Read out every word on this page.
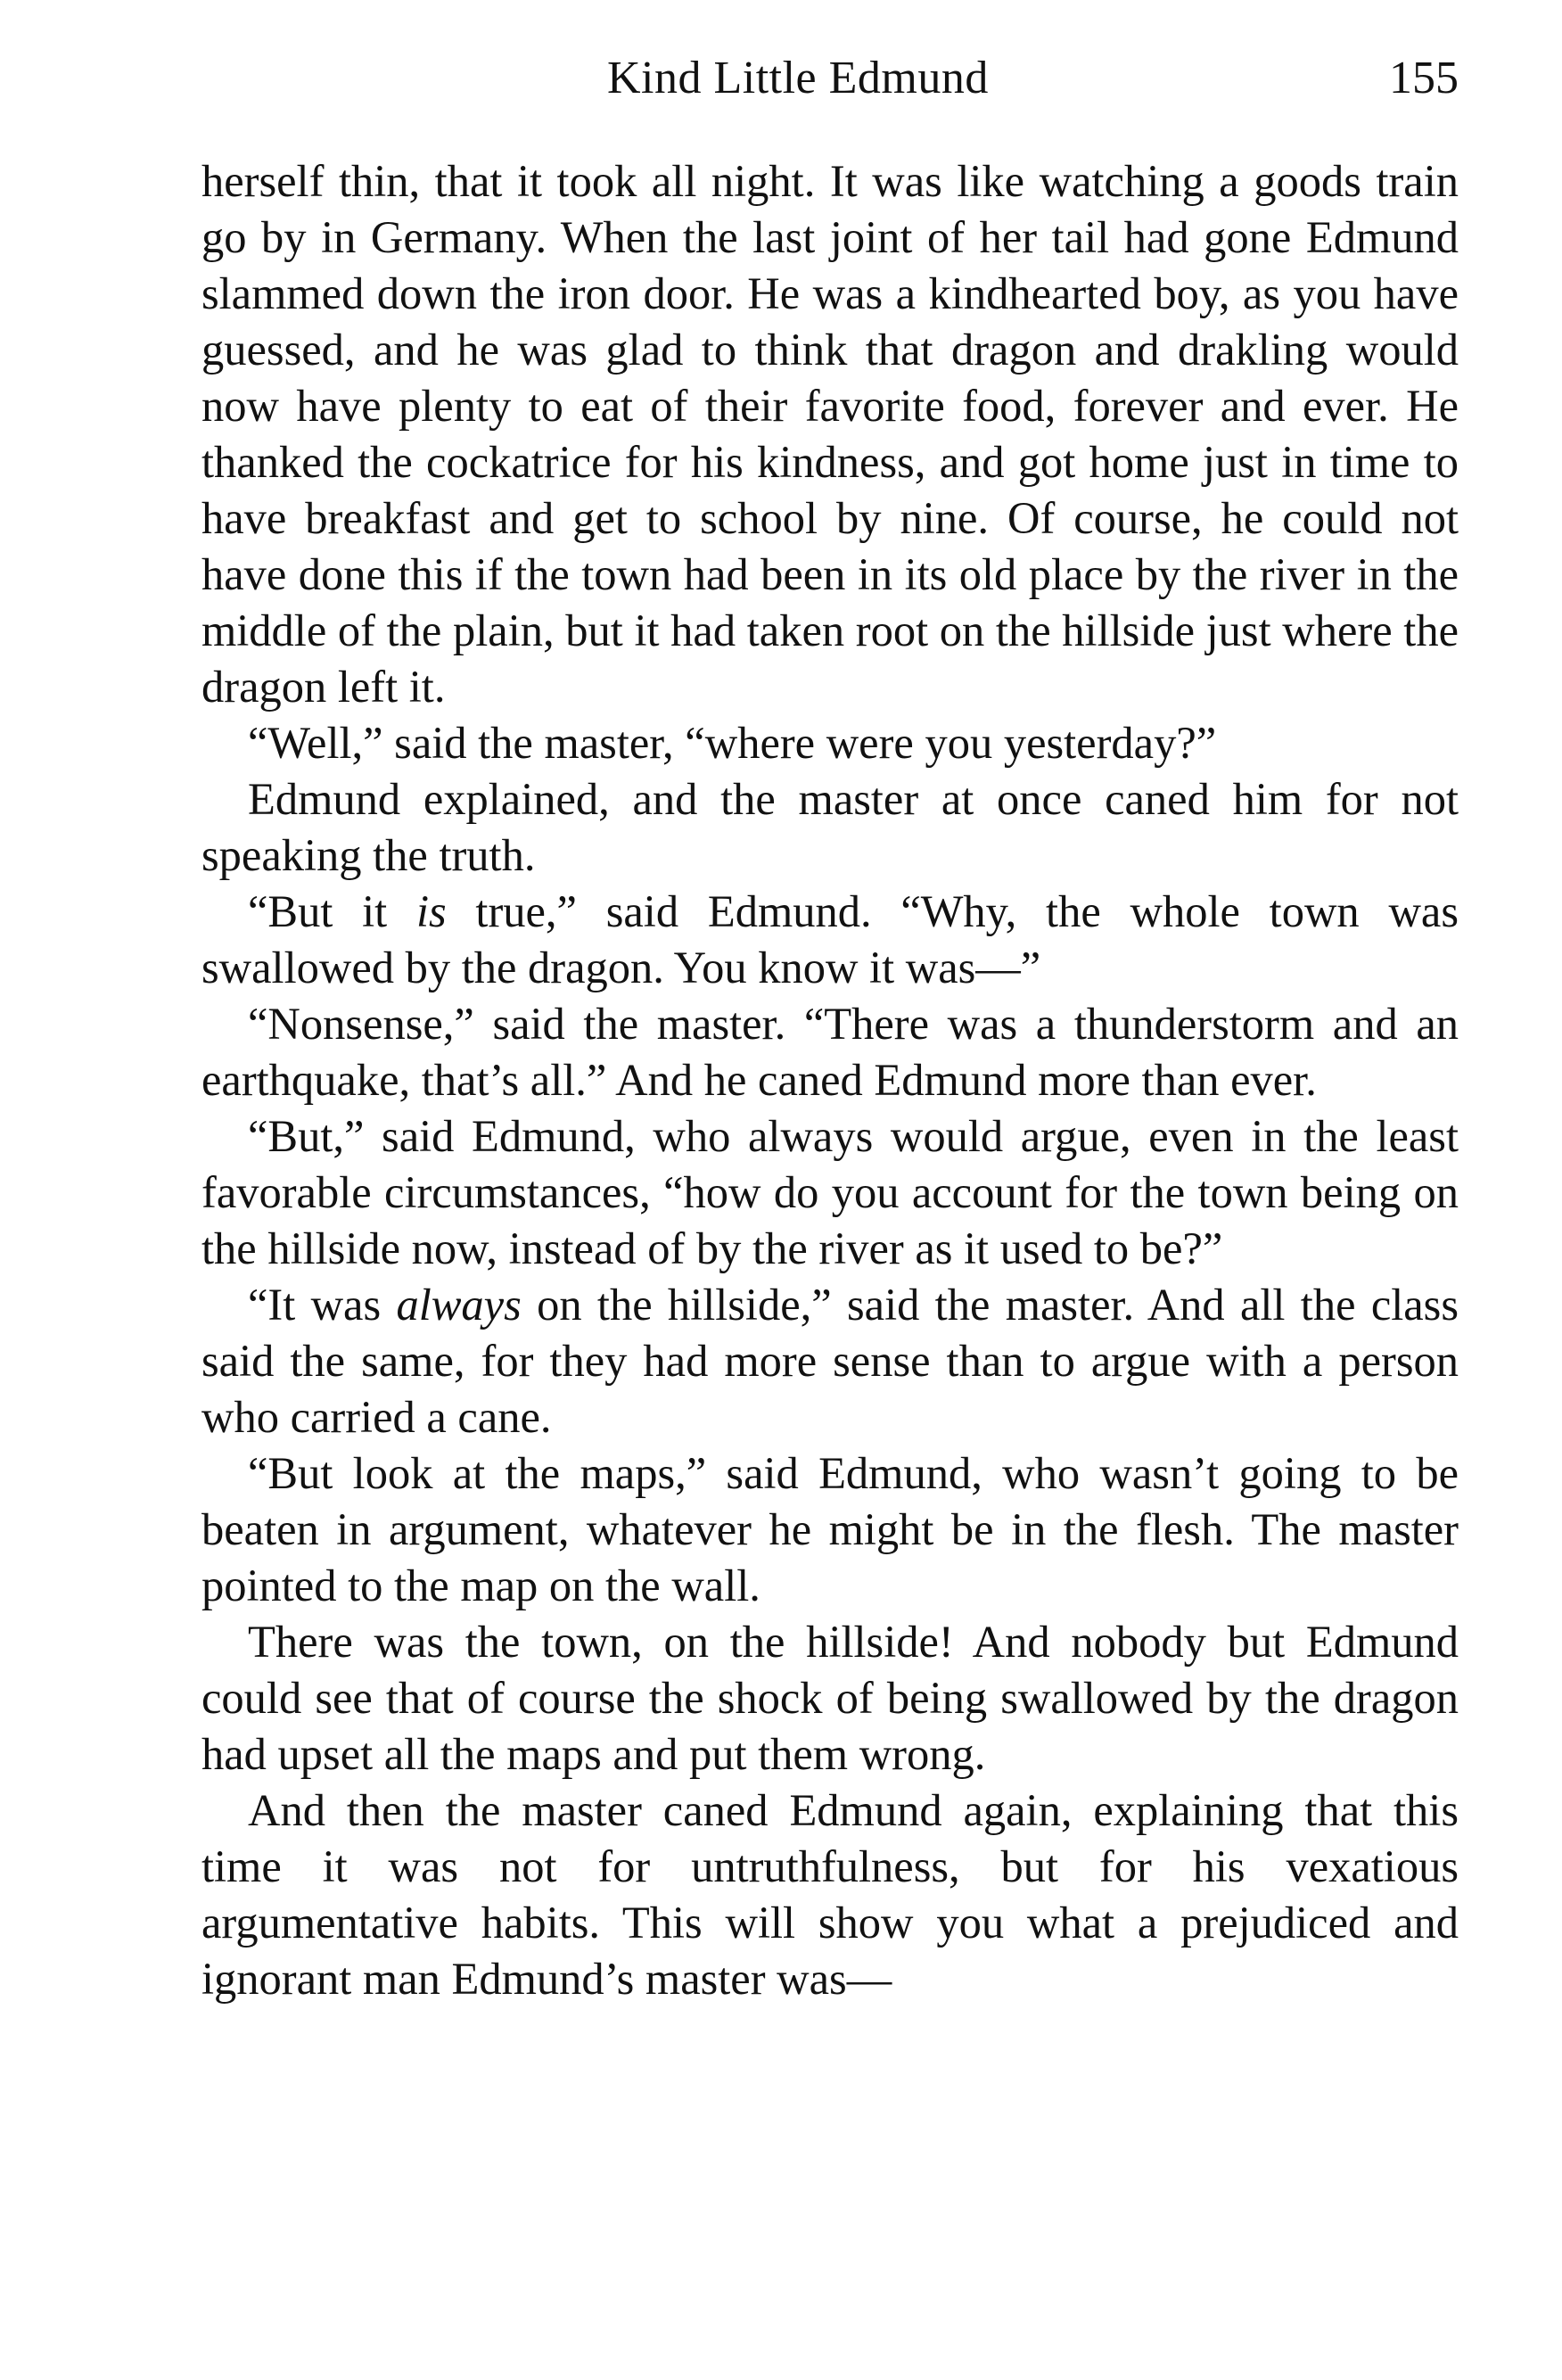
Kind Little Edmund	155

herself thin, that it took all night. It was like watching a goods train go by in Germany. When the last joint of her tail had gone Edmund slammed down the iron door. He was a kindhearted boy, as you have guessed, and he was glad to think that dragon and drakling would now have plenty to eat of their favorite food, forever and ever. He thanked the cockatrice for his kindness, and got home just in time to have breakfast and get to school by nine. Of course, he could not have done this if the town had been in its old place by the river in the middle of the plain, but it had taken root on the hillside just where the dragon left it.

“Well,” said the master, “where were you yesterday?”

Edmund explained, and the master at once caned him for not speaking the truth.

“But it is true,” said Edmund. “Why, the whole town was swallowed by the dragon. You know it was—”

“Nonsense,” said the master. “There was a thunderstorm and an earthquake, that’s all.” And he caned Edmund more than ever.

“But,” said Edmund, who always would argue, even in the least favorable circumstances, “how do you account for the town being on the hillside now, instead of by the river as it used to be?”

“It was always on the hillside,” said the master. And all the class said the same, for they had more sense than to argue with a person who carried a cane.

“But look at the maps,” said Edmund, who wasn’t going to be beaten in argument, whatever he might be in the flesh. The master pointed to the map on the wall.

There was the town, on the hillside! And nobody but Edmund could see that of course the shock of being swallowed by the dragon had upset all the maps and put them wrong.

And then the master caned Edmund again, explaining that this time it was not for untruthfulness, but for his vexatious argumentative habits. This will show you what a prejudiced and ignorant man Edmund’s master was—
